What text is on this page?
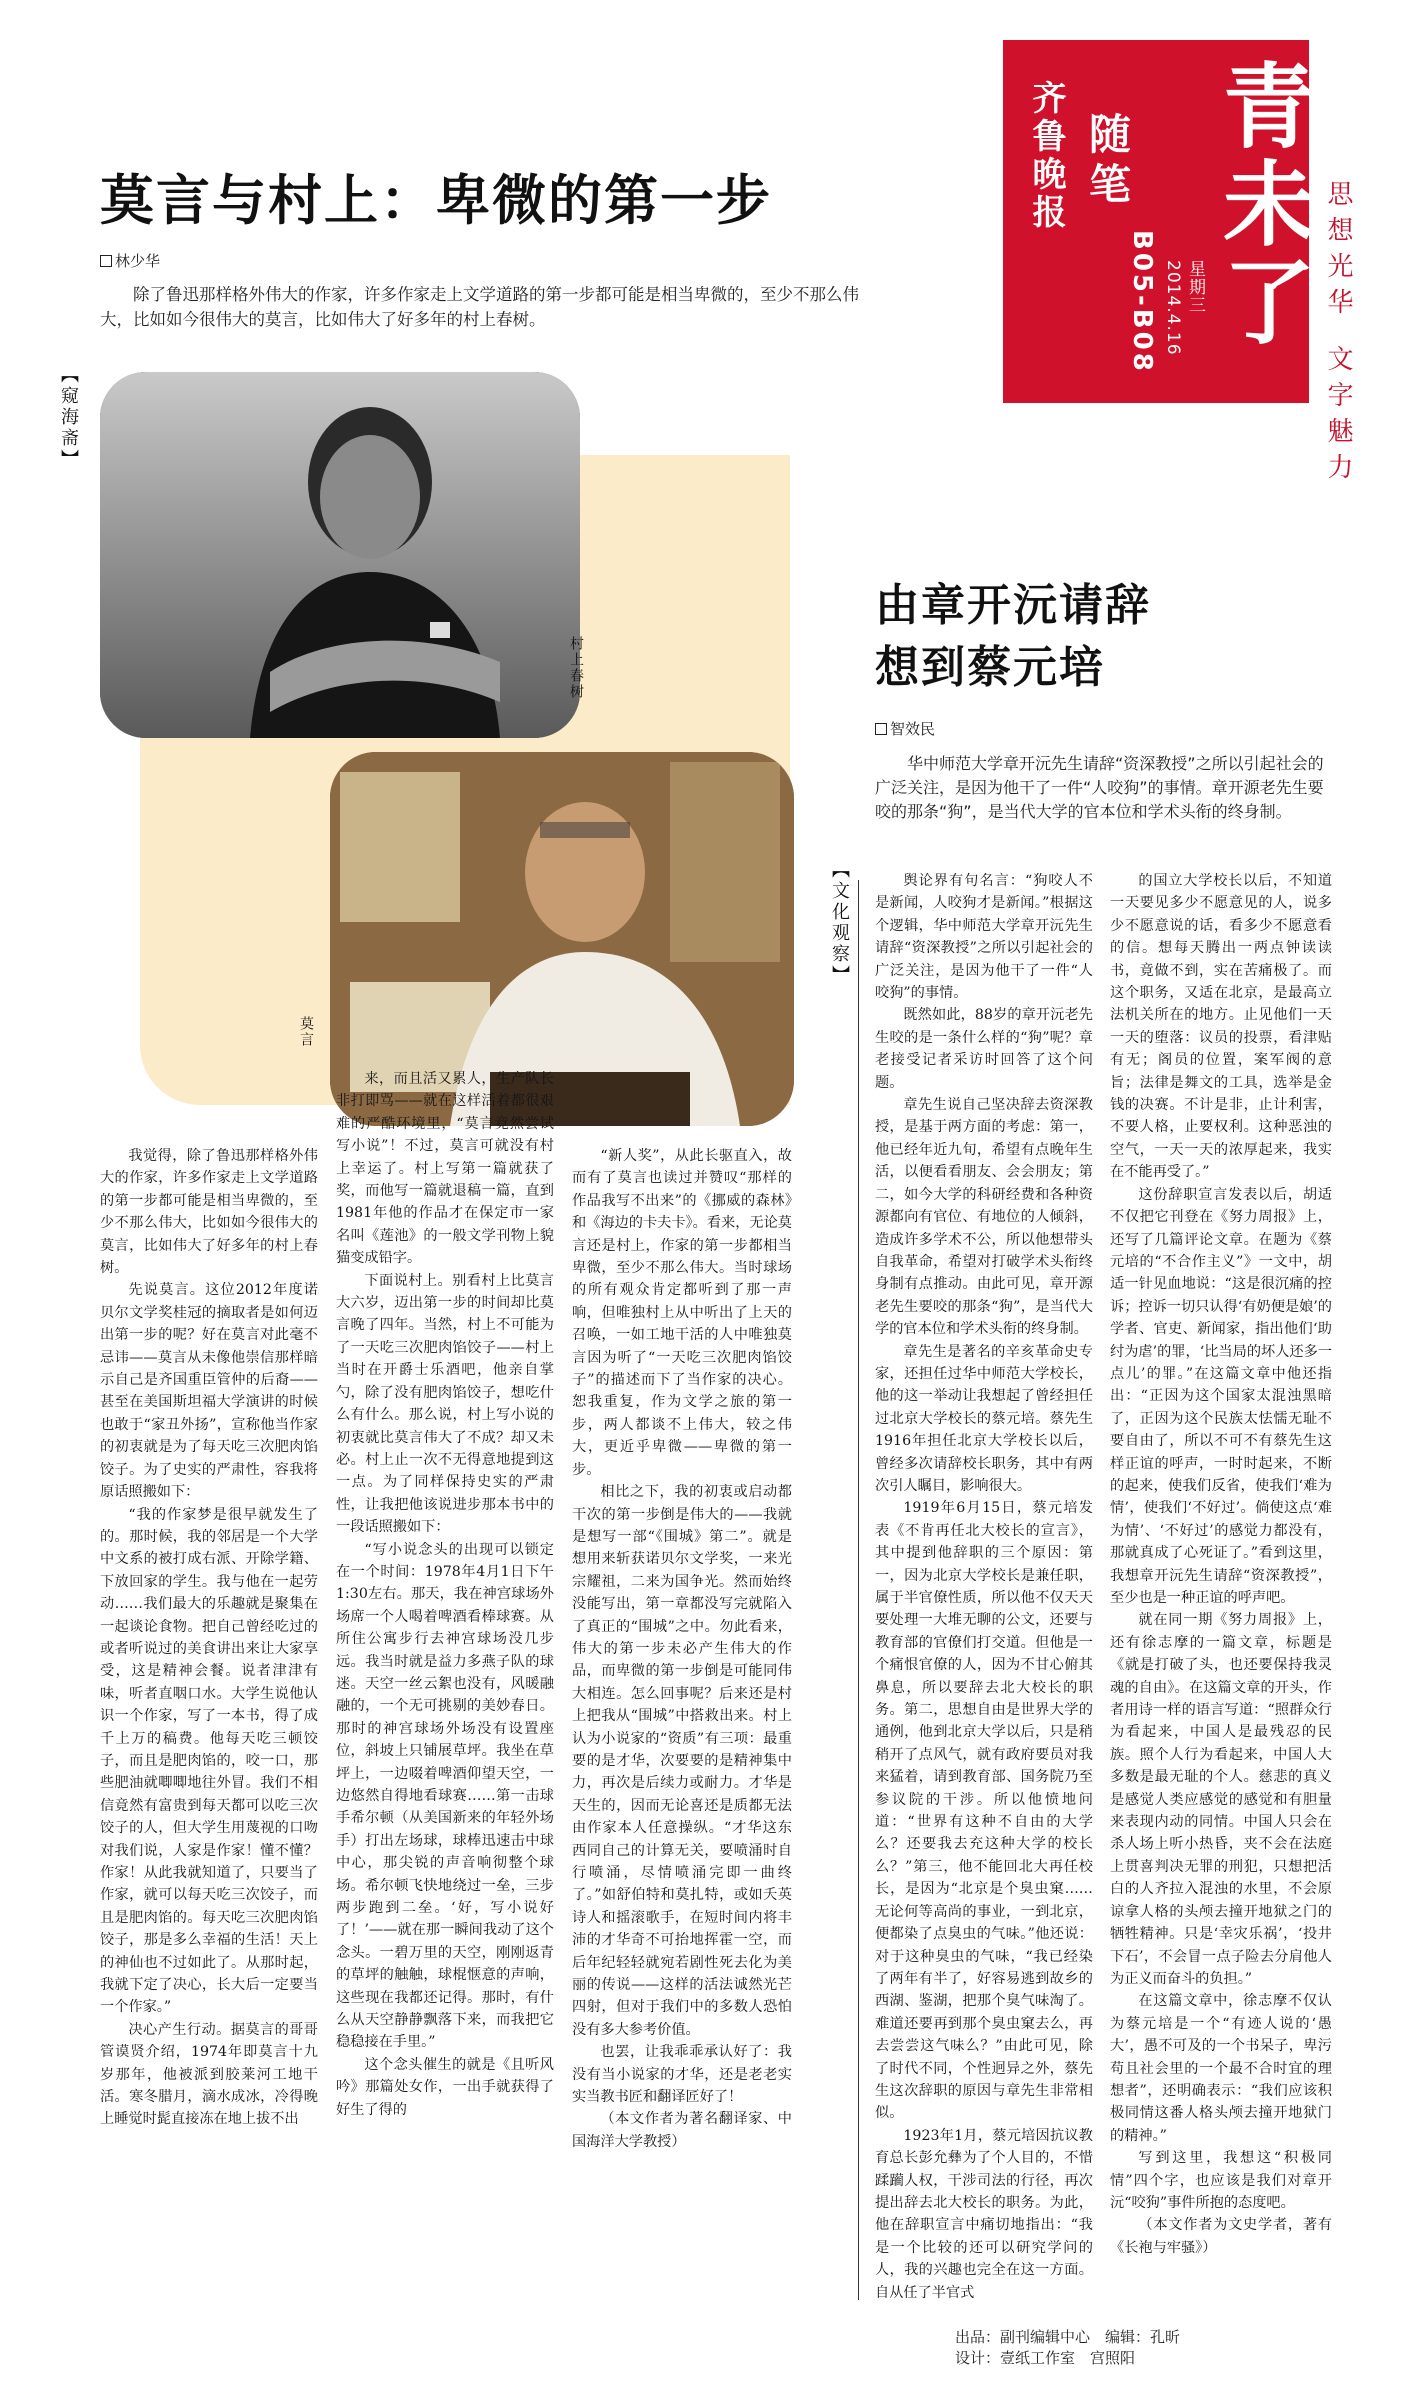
齐鲁晚报 随笔
B05-B08	星期三 2014.4.16 青未了 思想光华
文字魅力
莫言与村上：卑微的第一步
林少华
除了鲁迅那样格外伟大的作家，许多作家走上文学道路的第一步都可能是相当卑微的，至少不那么伟大，比如如今很伟大的莫言，比如伟大了好多年的村上春树。
【窥海斋】
村上春树
莫言
由章开沅请辞
想到蔡元培
智效民
华中师范大学章开沅先生请辞“资深教授”之所以引起社会的广泛关注，是因为他干了一件“人咬狗”的事情。章开源老先生要咬的那条“狗”，是当代大学的官本位和学术头衔的终身制。
【文化观察】

我觉得，除了鲁迅那样格外伟大的作家，许多作家走上文学道路的第一步都可能是相当卑微的，至少不那么伟大，比如如今很伟大的莫言，比如伟大了好多年的村上春树。

先说莫言。这位2012年度诺贝尔文学奖桂冠的摘取者是如何迈出第一步的呢？好在莫言对此毫不忌讳——莫言从未像他崇信那样暗示自己是齐国重臣管仲的后裔——甚至在美国斯坦福大学演讲的时候也敢于“家丑外扬”，宣称他当作家的初衷就是为了每天吃三次肥肉馅饺子。为了史实的严肃性，容我将原话照搬如下：

“我的作家梦是很早就发生了的。那时候，我的邻居是一个大学中文系的被打成右派、开除学籍、下放回家的学生。我与他在一起劳动……我们最大的乐趣就是聚集在一起谈论食物。把自己曾经吃过的或者听说过的美食讲出来让大家享受，这是精神会餐。说者津津有味，听者直咽口水。大学生说他认识一个作家，写了一本书，得了成千上万的稿费。他每天吃三顿饺子，而且是肥肉馅的，咬一口，那些肥油就唧唧地往外冒。我们不相信竟然有富贵到每天都可以吃三次饺子的人，但大学生用蔑视的口吻对我们说，人家是作家！懂不懂？作家！从此我就知道了，只要当了作家，就可以每天吃三次饺子，而且是肥肉馅的。每天吃三次肥肉馅饺子，那是多么幸福的生活！天上的神仙也不过如此了。从那时起，我就下定了决心，长大后一定要当一个作家。”

决心产生行动。据莫言的哥哥管谟贤介绍，1974年即莫言十九岁那年，他被派到胶莱河工地干活。寒冬腊月，滴水成冰，冷得晚上睡觉时髭直接冻在地上拔不出

来，而且活又累人，生产队长非打即骂——就在这样活着都很艰难的严酷环境里，“莫言竟然尝试写小说”！不过，莫言可就没有村上幸运了。村上写第一篇就获了奖，而他写一篇就退稿一篇，直到1981年他的作品才在保定市一家名叫《莲池》的一般文学刊物上貌猫变成铅字。

下面说村上。别看村上比莫言大六岁，迈出第一步的时间却比莫言晚了四年。当然，村上不可能为了一天吃三次肥肉馅饺子——村上当时在开爵士乐酒吧，他亲自掌勺，除了没有肥肉馅饺子，想吃什么有什么。那么说，村上写小说的初衷就比莫言伟大了不成？却又未必。村上止一次不无得意地提到这一点。为了同样保持史实的严肃性，让我把他该说进步那本书中的一段话照搬如下：

“写小说念头的出现可以锁定在一个时间：1978年4月1日下午1:30左右。那天，我在神宫球场外场席一个人喝着啤酒看棒球赛。从所住公寓步行去神宫球场没几步远。我当时就是益力多燕子队的球迷。天空一丝云絮也没有，风暖融融的，一个无可挑剔的美妙春日。那时的神宫球场外场没有设置座位，斜坡上只铺展草坪。我坐在草坪上，一边啜着啤酒仰望天空，一边悠然自得地看球赛……第一击球手希尔顿（从美国新来的年轻外场手）打出左场球，球棒迅速击中球中心，那尖锐的声音响彻整个球场。希尔顿飞快地绕过一垒，三步两步跑到二垒。‘好，写小说好了！’——就在那一瞬间我动了这个念头。一碧万里的天空，刚刚返青的草坪的触触，球棍惬意的声响，这些现在我都还记得。那时，有什么从天空静静飘落下来，而我把它稳稳接在手里。”

这个念头催生的就是《且听风吟》那篇处女作，一出手就获得了好生了得的

“新人奖”，从此长驱直入，故而有了莫言也读过并赞叹“那样的作品我写不出来”的《挪威的森林》和《海边的卡夫卡》。看来，无论莫言还是村上，作家的第一步都相当卑微，至少不那么伟大。当时球场的所有观众肯定都听到了那一声响，但唯独村上从中听出了上天的召唤，一如工地干活的人中唯独莫言因为听了“一天吃三次肥肉馅饺子”的描述而下了当作家的决心。恕我重复，作为文学之旅的第一步，两人都谈不上伟大，较之伟大，更近乎卑微——卑微的第一步。

相比之下，我的初衷或启动都干次的第一步倒是伟大的——我就是想写一部“《围城》第二”。就是想用来斩获诺贝尔文学奖，一来光宗耀祖，二来为国争光。然而始终没能写出，第一章都没写完就陷入了真正的“围城”之中。勿此看来，伟大的第一步未必产生伟大的作品，而卑微的第一步倒是可能同伟大相连。怎么回事呢？后来还是村上把我从“围城”中搭救出来。村上认为小说家的“资质”有三项：最重要的是才华，次要要的是精神集中力，再次是后续力或耐力。才华是天生的，因而无论喜还是质都无法由作家本人任意操纵。“才华这东西同自己的计算无关，要喷涌时自行喷涌，尽情喷涌完即一曲终了。”如舒伯特和莫扎特，或如夭英诗人和摇滚歌手，在短时间内将丰沛的才华奇不可抬地挥霍一空，而后年纪轻轻就宛若剧性死去化为美丽的传说——这样的活法诚然光芒四射，但对于我们中的多数人恐怕没有多大参考价值。

也罢，让我乖乖承认好了：我没有当小说家的才华，还是老老实实当教书匠和翻译匠好了！

（本文作者为著名翻译家、中国海洋大学教授）

舆论界有句名言：“狗咬人不是新闻，人咬狗才是新闻。”根据这个逻辑，华中师范大学章开沅先生请辞“资深教授”之所以引起社会的广泛关注，是因为他干了一件“人咬狗”的事情。

既然如此，88岁的章开沅老先生咬的是一条什么样的“狗”呢？章老接受记者采访时回答了这个问题。

章先生说自己坚决辞去资深教授，是基于两方面的考虑：第一，他已经年近九旬，希望有点晚年生活，以便看看朋友、会会朋友；第二，如今大学的科研经费和各种资源都向有官位、有地位的人倾斜，造成许多学术不公，所以他想带头自我革命，希望对打破学术头衔终身制有点推动。由此可见，章开源老先生要咬的那条“狗”，是当代大学的官本位和学术头衔的终身制。

章先生是著名的辛亥革命史专家，还担任过华中师范大学校长，他的这一举动让我想起了曾经担任过北京大学校长的蔡元培。蔡先生1916年担任北京大学校长以后，曾经多次请辞校长职务，其中有两次引人瞩目，影响很大。

1919年6月15日，蔡元培发表《不肯再任北大校长的宣言》，其中提到他辞职的三个原因：第一，因为北京大学校长是兼任职，属于半官僚性质，所以他不仅天天要处理一大堆无聊的公文，还要与教育部的官僚们打交道。但他是一个痛恨官僚的人，因为不甘心俯其鼻息，所以要辞去北大校长的职务。第二，思想自由是世界大学的通例，他到北京大学以后，只是稍稍开了点风气，就有政府要员对我来猛着，请到教育部、国务院乃至参议院的干涉。所以他愤地问道：“世界有这种不自由的大学么？还要我去充这种大学的校长么？”第三，他不能回北大再任校长，是因为“北京是个臭虫窠……无论何等高尚的事业，一到北京，便都染了点臭虫的气味。”他还说：对于这种臭虫的气味，“我已经染了两年有半了，好容易逃到故乡的西湖、鉴湖，把那个臭气味淘了。难道还要再到那个臭虫窠去么，再去尝尝这气味么？”由此可见，除了时代不同，个性迥异之外，蔡先生这次辞职的原因与章先生非常相似。

1923年1月，蔡元培因抗议教育总长彭允彝为了个人目的，不惜蹂躏人权，干涉司法的行径，再次提出辞去北大校长的职务。为此，他在辞职宣言中痛切地指出：“我是一个比较的还可以研究学问的人，我的兴趣也完全在这一方面。自从任了半官式

的国立大学校长以后，不知道一天要见多少不愿意见的人，说多少不愿意说的话，看多少不愿意看的信。想每天腾出一两点钟读读书，竟做不到，实在苦痛极了。而这个职务，又适在北京，是最高立法机关所在的地方。止见他们一天一天的堕落：议员的投票，看津贴有无；阁员的位置，案军阀的意旨；法律是舞文的工具，选举是金钱的决赛。不计是非，止计利害，不要人格，止要权利。这种恶浊的空气，一天一天的浓厚起来，我实在不能再受了。”

这份辞职宣言发表以后，胡适不仅把它刊登在《努力周报》上，还写了几篇评论文章。在题为《蔡元培的“不合作主义”》一文中，胡适一针见血地说：“这是很沉痛的控诉；控诉一切只认得‘有奶便是娘’的学者、官吏、新闻家，指出他们‘助纣为虐’的罪，‘比当局的坏人还多一点儿’的罪。”在这篇文章中他还指出：“正因为这个国家太混浊黑暗了，正因为这个民族太怯懦无耻不要自由了，所以不可不有蔡先生这样正谊的呼声，一时时起来，不断的起来，使我们反省，使我们‘难为情’，使我们‘不好过’。倘使这点‘难为情’、‘不好过’的感觉力都没有，那就真成了心死证了。”看到这里，我想章开沅先生请辞“资深教授”，至少也是一种正谊的呼声吧。

就在同一期《努力周报》上，还有徐志摩的一篇文章，标题是《就是打破了头，也还要保持我灵魂的自由》。在这篇文章的开头，作者用诗一样的语言写道：“照群众行为看起来，中国人是最残忍的民族。照个人行为看起来，中国人大多数是最无耻的个人。慈悲的真义是感觉人类应感觉的感觉和有胆量来表现内动的同情。中国人只会在杀人场上听小热昏，夹不会在法庭上贯喜判决无罪的刑犯，只想把活白的人齐拉入混浊的水里，不会原谅拿人格的头颅去撞开地狱之门的牺牲精神。只是‘幸灾乐祸’，‘投井下石’，不会冒一点子险去分肩他人为正义而奋斗的负担。”

在这篇文章中，徐志摩不仅认为蔡元培是一个“有迹人说的‘愚大’，愚不可及的一个书呆子，卑污苟且社会里的一个最不合时宜的理想者”，还明确表示：“我们应该积极同情这番人格头颅去撞开地狱门的精神。”

写到这里，我想这“积极同情”四个字，也应该是我们对章开沅“咬狗”事件所抱的态度吧。

（本文作者为文史学者，著有《长袍与牢骚》）

出品：副刊编辑中心　编辑：孔昕
设计：壹纸工作室　宫照阳
